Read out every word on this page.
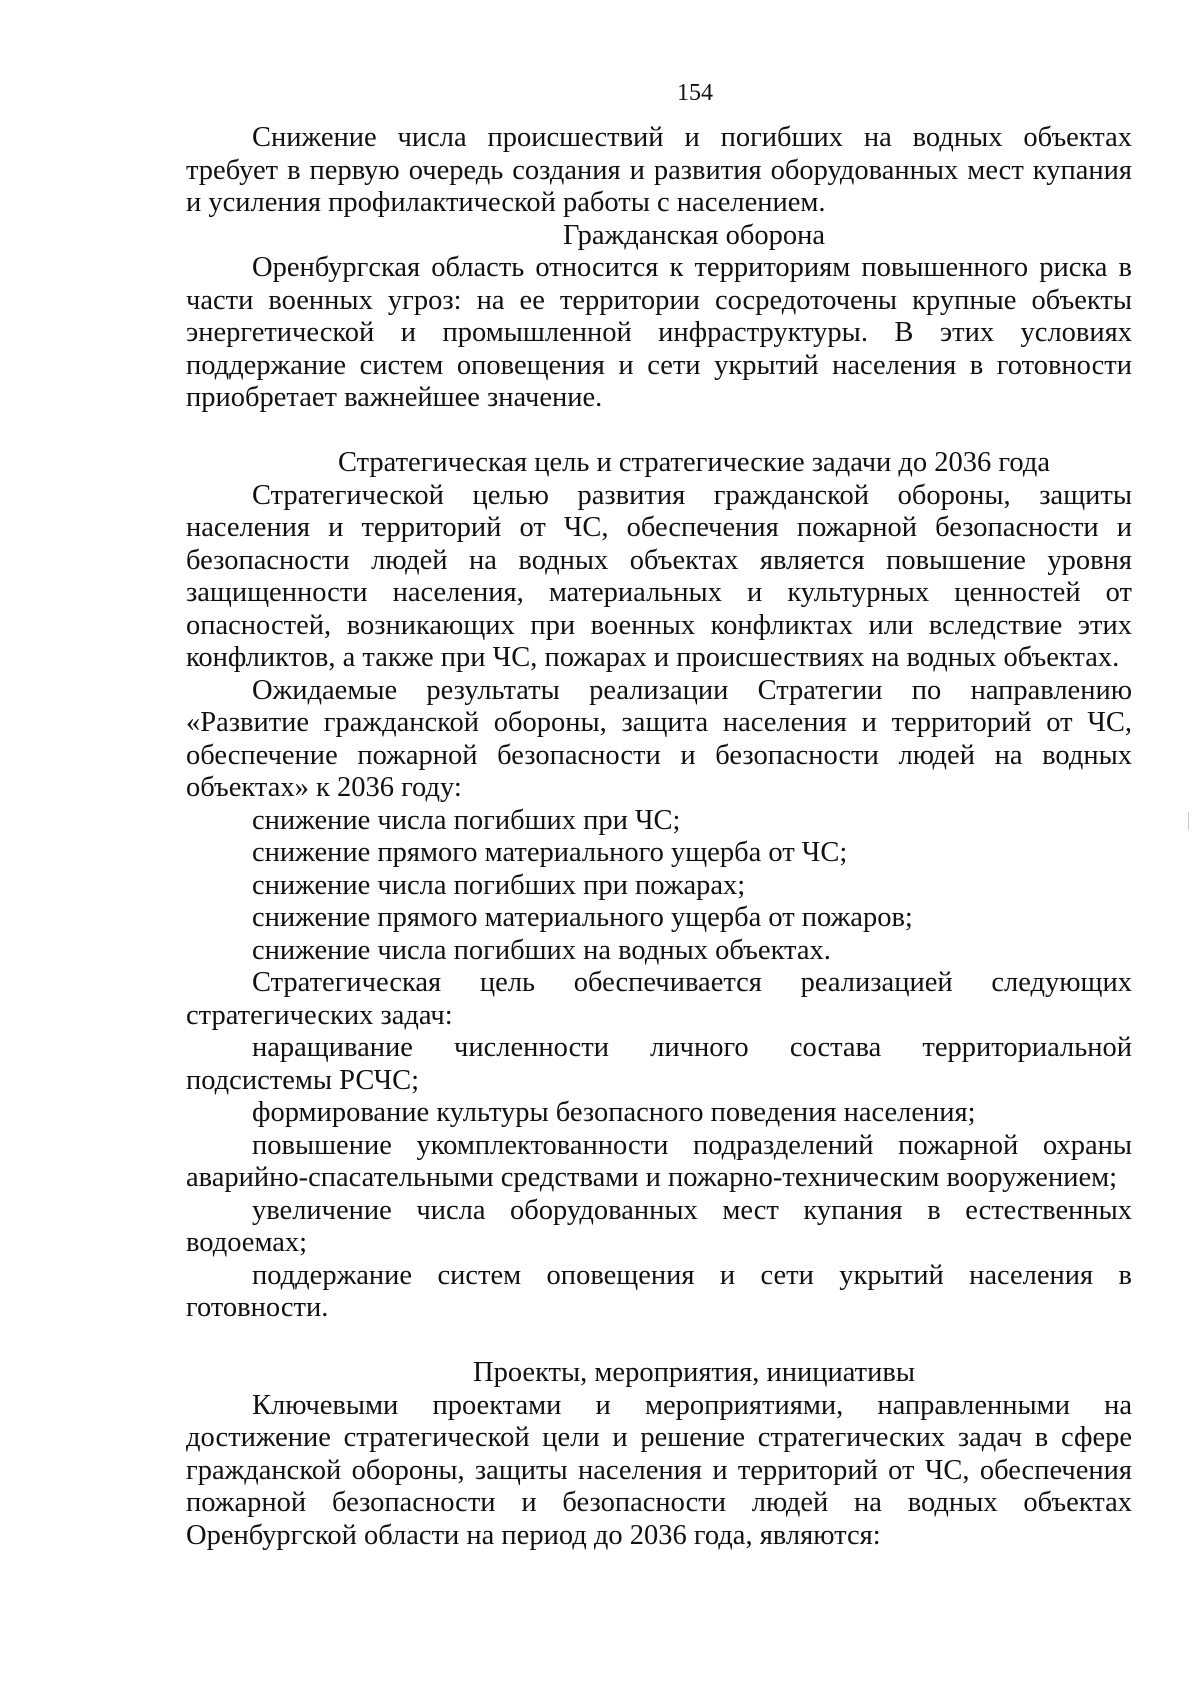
154

Снижение числа происшествий и погибших на водных объектах требует в первую очередь создания и развития оборудованных мест купания и усиления профилактической работы с населением.

Гражданская оборона

Оренбургская область относится к территориям повышенного риска в части военных угроз: на ее территории сосредоточены крупные объекты энергетической и промышленной инфраструктуры. В этих условиях поддержание систем оповещения и сети укрытий населения в готовности приобретает важнейшее значение.

Стратегическая цель и стратегические задачи до 2036 года

Стратегической целью развития гражданской обороны, защиты населения и территорий от ЧС, обеспечения пожарной безопасности и безопасности людей на водных объектах является повышение уровня защищенности населения, материальных и культурных ценностей от опасностей, возникающих при военных конфликтах или вследствие этих конфликтов, а также при ЧС, пожарах и происшествиях на водных объектах.

Ожидаемые результаты реализации Стратегии по направлению «Развитие гражданской обороны, защита населения и территорий от ЧС, обеспечение пожарной безопасности и безопасности людей на водных объектах» к 2036 году:

снижение числа погибших при ЧС;

снижение прямого материального ущерба от ЧС;

снижение числа погибших при пожарах;

снижение прямого материального ущерба от пожаров;

снижение числа погибших на водных объектах.

Стратегическая цель обеспечивается реализацией следующих стратегических задач:

наращивание численности личного состава территориальной подсистемы РСЧС;

формирование культуры безопасного поведения населения;

повышение укомплектованности подразделений пожарной охраны аварийно-спасательными средствами и пожарно-техническим вооружением;

увеличение числа оборудованных мест купания в естественных водоемах;

поддержание систем оповещения и сети укрытий населения в готовности.

Проекты, мероприятия, инициативы

Ключевыми проектами и мероприятиями, направленными на достижение стратегической цели и решение стратегических задач в сфере гражданской обороны, защиты населения и территорий от ЧС, обеспечения пожарной безопасности и безопасности людей на водных объектах Оренбургской области на период до 2036 года, являются:
